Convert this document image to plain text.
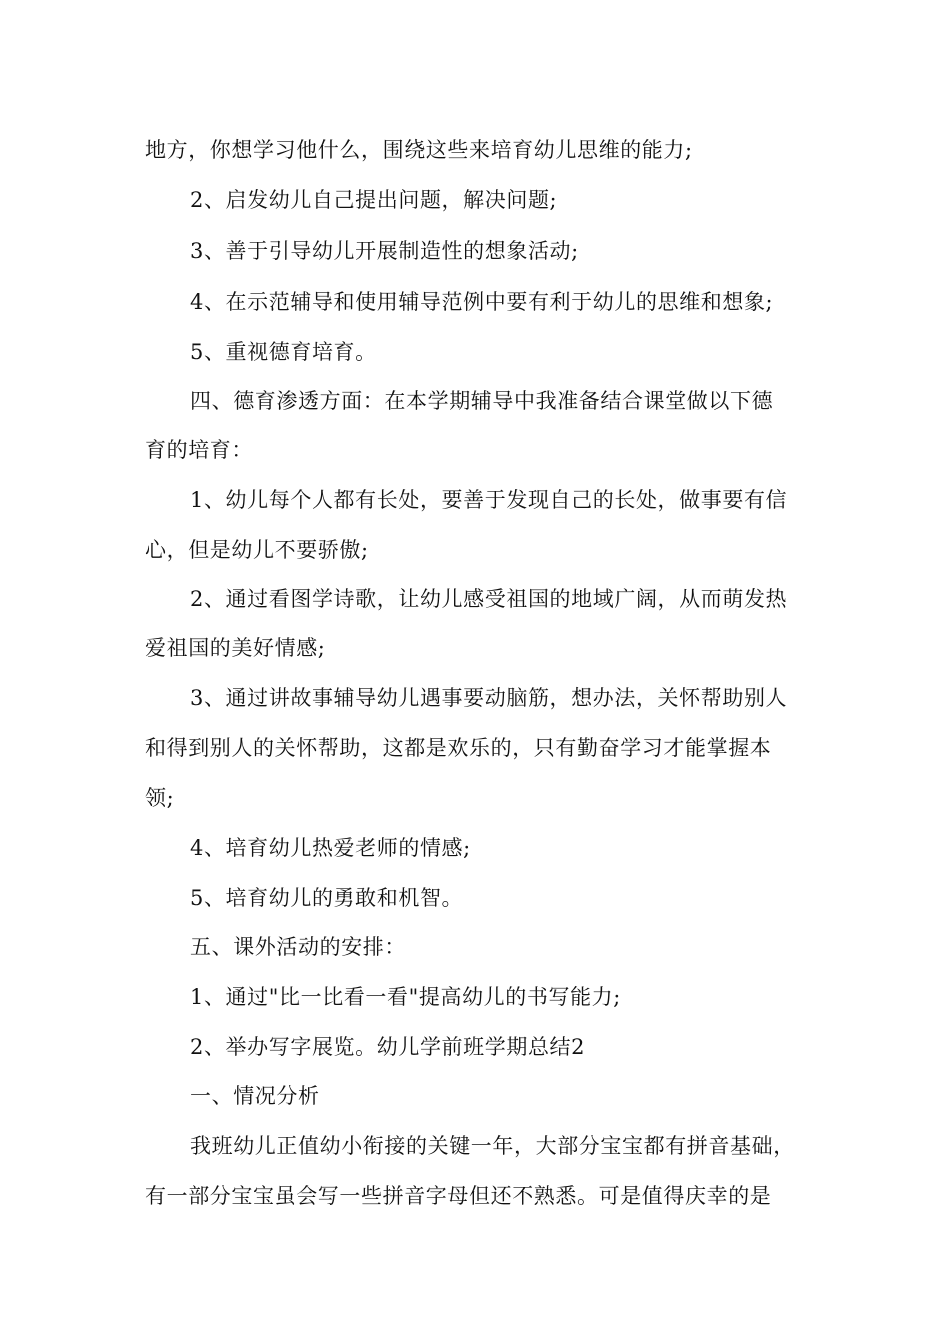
地方，你想学习他什么，围绕这些来培育幼儿思维的能力;
2、启发幼儿自己提出问题，解决问题;
3、善于引导幼儿开展制造性的想象活动;
4、在示范辅导和使用辅导范例中要有利于幼儿的思维和想象;
5、重视德育培育。
四、德育渗透方面：在本学期辅导中我准备结合课堂做以下德
育的培育：
1、幼儿每个人都有长处，要善于发现自己的长处，做事要有信
心，但是幼儿不要骄傲;
2、通过看图学诗歌，让幼儿感受祖国的地域广阔，从而萌发热
爱祖国的美好情感;
3、通过讲故事辅导幼儿遇事要动脑筋，想办法，关怀帮助别人
和得到别人的关怀帮助，这都是欢乐的，只有勤奋学习才能掌握本
领;
4、培育幼儿热爱老师的情感;
5、培育幼儿的勇敢和机智。
五、课外活动的安排：
1、通过"比一比看一看"提高幼儿的书写能力;
2、举办写字展览。幼儿学前班学期总结2
一、情况分析
我班幼儿正值幼小衔接的关键一年，大部分宝宝都有拼音基础，
有一部分宝宝虽会写一些拼音字母但还不熟悉。可是值得庆幸的是
